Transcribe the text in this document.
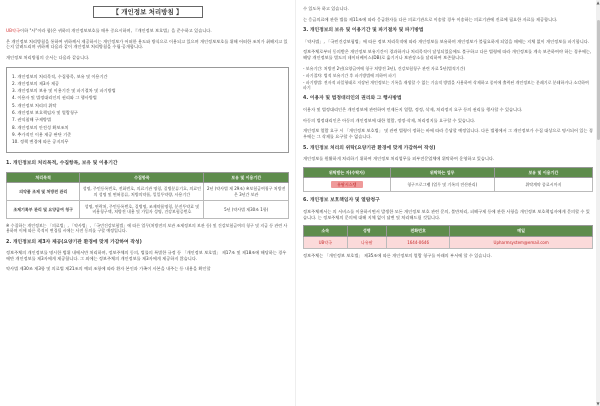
【 개인정보 처리방침 】
UB약국이하 "사"이라 함)은 귀하의 개인정보보호를 매우 중요시하며, 『개인정보 보호법』을 준수하고 있습니다.
은 개인정보 처리방침을 통하여 귀하께서 제공하시는 개인정보가 어떠한 용도와 방식으로 이용되고 있으며 개인정보보호를 위해 어떠한 조치가 취해지고 있는지 알려드리며 귀하께 다음과 같이 개인정보 처리방침을 수립·공개합니다.
개인정보 처리방침의 순서는 다음과 같습니다.
1. 개인정보의 처리목적, 수집항목, 보유 및 이용기간
2. 개인정보의 제3자 제공
3. 개인정보의 보유 및 이용기간 및 파기절차 및 파기방법
4. 이용자 및 법정대리인의 권리와 그 행사방법
5. 개인정보 처리의 위탁
6. 개인정보 보호책임자 및 열람청구
7. 권익침해 구제방법
8. 개인정보의 안전성 확보조치
9. 추가적인 이용 제공 판단 기준
10. 정책 변경에 따른 공지의무
1. 개인정보의 처리목적, 수집항목, 보유 및 이용기간
처리목적	수집항목	보유 및 이용기간
의약품 조제 및 처방전 관리	성명, 주민등록번호, 전화번호, 의료기관 명칭, 질병분류기호, 의료인의 성명 및 면허종류, 처방의약품, 일일투약량, 사용기간	2년 (약사법 제 29조) ※보험급여청구 처방전은 3년간 보관
조제기록부 관리 및 요양급여 청구	성명, 연락처, 주민등록번호, 질병명, 조제약품명칭, 분진투약료 및 비용청구액, 처방전 내용 및 가입자 성명, 건강보험증번호	5년 (약사법 제30조 1항)
※ 수집하는 개인정보는 「의료법」, 「약사법」, 「국민건강보험법」에 따른 업무(처방전의 보관 조제정보의 보관 등) 및 건강보험급여의 청구 및 지급 등 관련 사용하며 이에 따른 목적이 변경될 시에는 사전 동의를 구할 예정입니다.
2. 개인정보의 제3자 제공(요양기관 환경에 맞게 가감하여 작성)
정보주체의 개인정보를 명시한 범위 내에서만 처리하며, 정보주체의 동의, 법률의 특별한 규정 등 「개인정보 보호법」 제17조 및 제18조에 해당하는 경우에만 개인정보를 제3자에게 제공합니다. 그 외에는 정보주체의 개인정보를 제3자에게 제공하지 않습니다.
약사법 제30조 제3항 및 의료법 제21조의 예외 조항에 따라 환자 본인과 가족이 사본을 내주는 등 내용을 확인할
수 있도록 하고 있습니다.
는 응급의료에 관한 법률 제11조에 따라 응급환자를 다른 의료기관으로 이송할 경우 이송하는 의료기관에 진료에 필요한 자료를 제공합니다.
3. 개인정보의 보유 및 이용기간 및 파기절차 및 파기방법
「약사법」, 「국민건강보험법」에 따른 정보 처리목적에 따라 개인정보를 보유하며 개인정보가 불필요하게 되었을 때에는 지체 없이 개인정보를 파기합니다.
정보주체로부터 동의받은 개인정보 보유기간이 경과하거나 처리목적이 달성되었음에도 불구하고 다른 법령에 따라 개인정보를 계속 보존하여야 하는 경우에는, 해당 개인정보를 별도의 데이터베이스(DB)로 옮기거나 보관장소를 달리하여 보존합니다.
- 보유기간: 처방전 2년(요양급여에 청구 처방전 3년), 건강보험청구 관련 자료 5년(법적기간)
- 파기절차: 법적 보유기간 후 파기방법에 의하여 파기
- 파기방법: 전자적 파일형태로 저장된 개인정보는 기록을 재생할 수 없는 기술적 방법을 사용하여 삭제하고 종이에 출력된 개인정보는 분쇄기로 분쇄하거나 소각하여 파기
4. 이용자 및 법정대리인의 권리와 그 행사방법
이용자 및 법정대리인은 개인정보에 관련하여 언제든지 열람, 정정, 삭제, 처리정지 요구 등의 권리를 행사할 수 있습니다.
아동의 법정대리인은 아동의 개인정보에 대한 열람, 정정·삭제, 처리정지를 요구할 수 있습니다.
개인정보 열람 요구 시 「개인정보 보호법」 및 관련 법령이 정하는 바에 따라 응답할 예정입니다. 다른 법령에서 그 개인정보가 수집 대상으로 명시되어 있는 경우에는 그 삭제를 요구할 수 없습니다.
5. 개인정보 처리의 위탁(요양기관 환경에 맞게 가감하여 작성)
개인정보를 원활하게 처리하기 위하여 개인정보 처리업무를 외부전문업체에 위탁하여 운영하고 있습니다.
위탁받는 자(수탁자)	위탁하는 업무	보유 및 이용기간
유팜시스템	청구프로그램 (업무 및 기록의 전산관리)	위탁계약 종료시까지
6. 개인정보 보호책임자 및 열람청구
정보주체께서는 의 서비스를 이용하시면서 발생한 모든 개인정보 보호 관련 문의, 불만처리, 피해구제 등에 관한 사항을 개인정보 보호책임자에게 문의할 수 있습니다. 는 정보주체의 문의에 대해 지체 없이 답변 및 처리해드릴 것입니다.
소속	성명	전화번호	메일
UB약국	나유팜	1644-0646	Upharmsystem@email.com
정보주체는 「개인정보 보호법」 제35조에 따른 개인정보의 열람 청구를 아래의 부서에 할 수 있습니다.
▲
▼
